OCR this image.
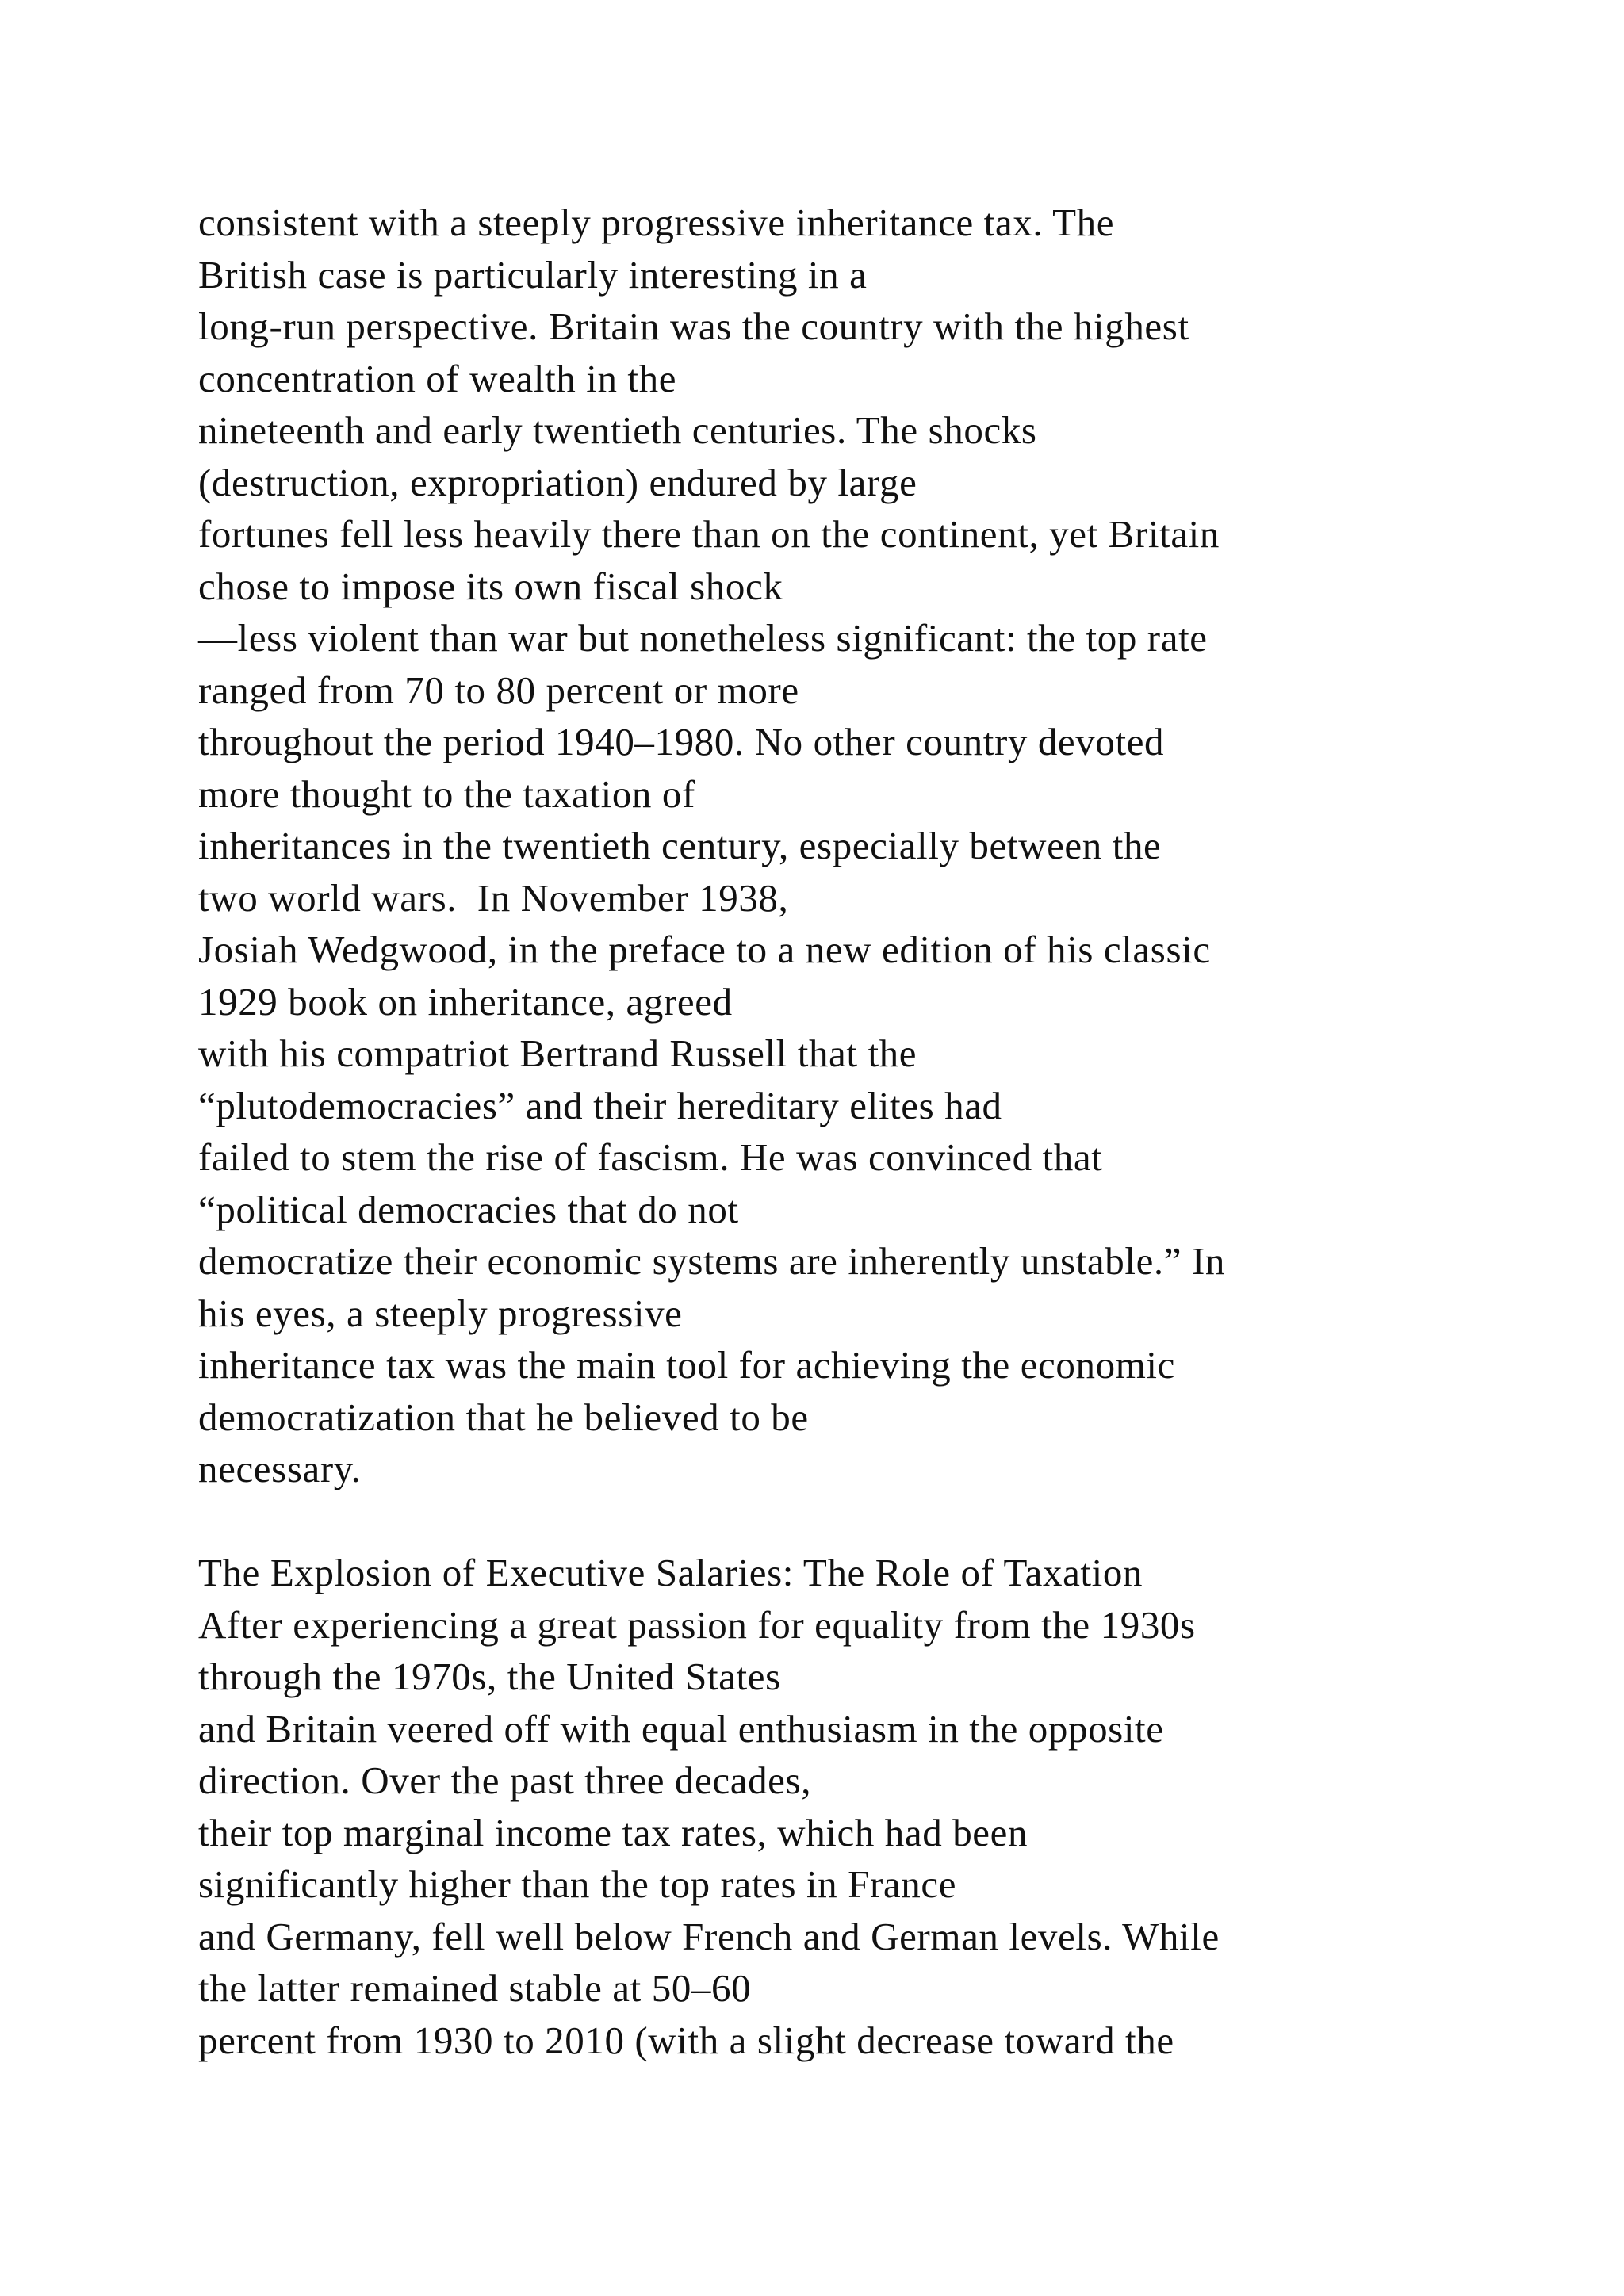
consistent with a steeply progressive inheritance tax. The
British case is particularly interesting in a
long-run perspective. Britain was the country with the highest
concentration of wealth in the
nineteenth and early twentieth centuries. The shocks
(destruction, expropriation) endured by large
fortunes fell less heavily there than on the continent, yet Britain
chose to impose its own fiscal shock
—less violent than war but nonetheless significant: the top rate
ranged from 70 to 80 percent or more
throughout the period 1940–1980. No other country devoted
more thought to the taxation of
inheritances in the twentieth century, especially between the
two world wars.  In November 1938,
Josiah Wedgwood, in the preface to a new edition of his classic
1929 book on inheritance, agreed
with his compatriot Bertrand Russell that the
“plutodemocracies” and their hereditary elites had
failed to stem the rise of fascism. He was convinced that
“political democracies that do not
democratize their economic systems are inherently unstable.” In
his eyes, a steeply progressive
inheritance tax was the main tool for achieving the economic
democratization that he believed to be
necessary.
The Explosion of Executive Salaries: The Role of Taxation
After experiencing a great passion for equality from the 1930s
through the 1970s, the United States
and Britain veered off with equal enthusiasm in the opposite
direction. Over the past three decades,
their top marginal income tax rates, which had been
significantly higher than the top rates in France
and Germany, fell well below French and German levels. While
the latter remained stable at 50–60
percent from 1930 to 2010 (with a slight decrease toward the
